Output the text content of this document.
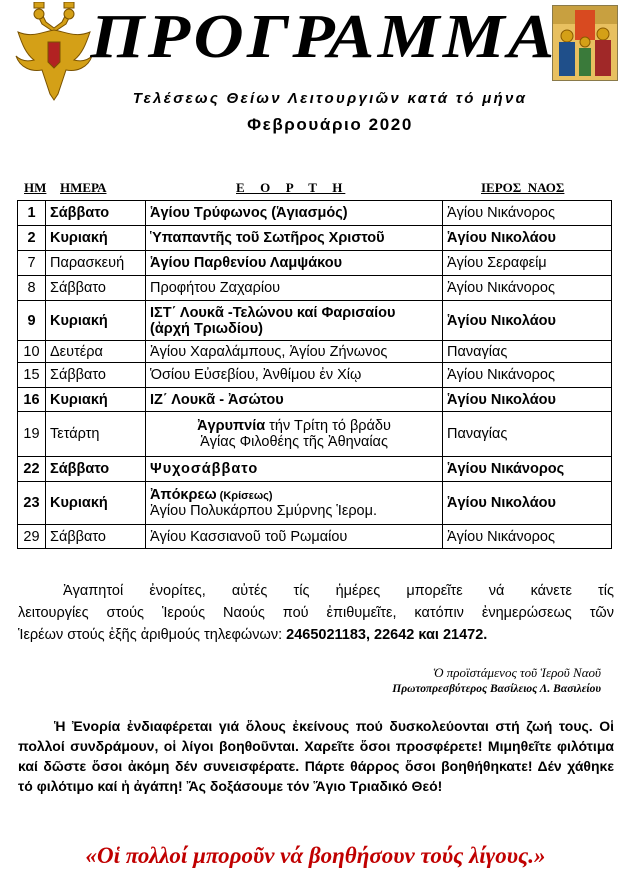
ΠΡΟΓΡΑΜΜΑ
Τελέσεως Θείων Λειτουργιῶν κατά τό μήνα
Φεβρουάριο 2020
ΗΜ ΗΜΕΡΑ	Ε  Ο  Ρ  Τ  Η	ΙΕΡΟΣ  ΝΑΟΣ
1	Σάββατο	Ἁγίου Τρύφωνος (Ἁγιασμός)	Ἁγίου Νικάνορος
2	Κυριακή	Ὑπαπαντῆς τοῦ Σωτῆρος Χριστοῦ	Ἁγίου Νικολάου
7	Παρασκευή	Ἁγίου Παρθενίου Λαμψάκου	Ἁγίου Σεραφείμ
8	Σάββατο	Προφήτου Ζαχαρίου	Ἁγίου Νικάνορος
9	Κυριακή	ΙΣΤ΄ Λουκᾶ -Τελώνου καί Φαρισαίου
(ἀρχή Τριωδίου)	Ἁγίου Νικολάου
10	Δευτέρα	Ἁγίου Χαραλάμπους, Ἁγίου Ζήνωνος	Παναγίας
15	Σάββατο	Ὁσίου Εὐσεβίου, Ἀνθίμου ἐν Χίῳ	Ἁγίου Νικάνορος
16	Κυριακή	ΙΖ΄ Λουκᾶ - Ἀσώτου	Ἁγίου Νικολάου
19	Τετάρτη	Ἀγρυπνία τήν Τρίτη τό βράδυ
Ἁγίας Φιλοθέης τῆς Ἀθηναίας	Παναγίας
22	Σάββατο	Ψυχοσάββατο	Ἁγίου Νικάνορος
23	Κυριακή	Ἀπόκρεω (Κρίσεως)
Ἁγίου Πολυκάρπου Σμύρνης Ἱερομ.	Ἁγίου Νικολάου
29	Σάββατο	Ἁγίου Κασσιανοῦ τοῦ Ρωμαίου	Ἁγίου Νικάνορος
Ἀγαπητοί ἐνορίτες, αὐτές τίς ἡμέρες μπορεῖτε νά κάνετε τίς
λειτουργίες στούς Ἱερούς Ναούς πού ἐπιθυμεῖτε, κατόπιν ἐνημερώσεως τῶν
Ἱερέων στούς ἑξῆς ἀριθμούς τηλεφώνων: 2465021183, 22642 και 21472.
Ὁ προϊστάμενος τοῦ Ἱεροῦ Ναοῦ
Πρωτοπρεσβύτερος Βασίλειος Λ. Βασιλείου
Ἡ Ἐνορία ἐνδιαφέρεται γιά ὅλους ἐκείνους πού δυσκολεύονται στή ζωή τους. Οἱ πολλοί συνδράμουν, οἱ λίγοι βοηθοῦνται. Χαρεῖτε ὅσοι προσφέρετε! Μιμηθεῖτε φιλότιμα καί δῶστε ὅσοι ἀκόμη δέν συνεισφέρατε. Πάρτε θάρρος ὅσοι βοηθήθηκατε! Δέν χάθηκε τό φιλότιμο καί ἡ ἀγάπη! Ἄς δοξάσουμε τόν Ἅγιο Τριαδικό Θεό!
«Οἱ πολλοί μποροῦν νά βοηθήσουν τούς λίγους.»
